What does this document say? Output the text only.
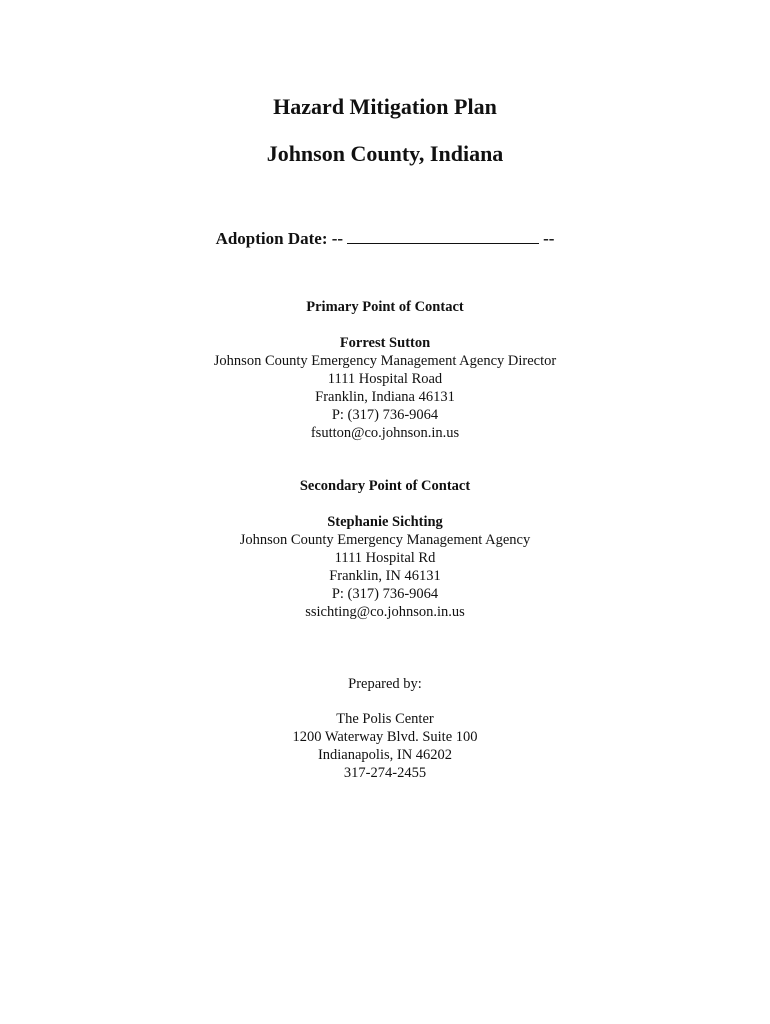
Hazard Mitigation Plan
Johnson County, Indiana
Adoption Date: --	--
Primary Point of Contact
Forrest Sutton
Johnson County Emergency Management Agency Director
1111 Hospital Road
Franklin, Indiana 46131
P: (317) 736-9064
fsutton@co.johnson.in.us
Secondary Point of Contact
Stephanie Sichting
Johnson County Emergency Management Agency
1111 Hospital Rd
Franklin, IN 46131
P: (317) 736-9064
ssichting@co.johnson.in.us
Prepared by:
The Polis Center
1200 Waterway Blvd. Suite 100
Indianapolis, IN 46202
317-274-2455
